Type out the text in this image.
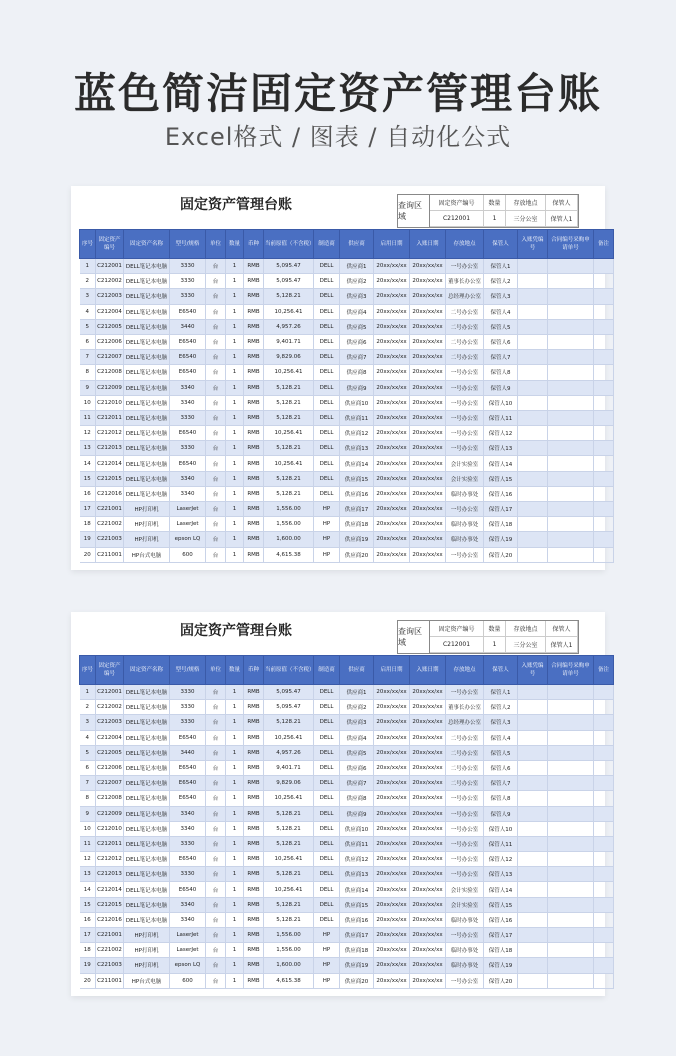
蓝色简洁固定资产管理台账
Excel格式 / 图表 / 自动化公式
固定资产管理台账	查询区域
固定资产编号	数量	存放地点	保管人
C212001	1	三分公室	保管人1
序号	固定资产编号	固定资产名称	型号/规格	单位	数量	币种	当前原值（不含税）	制造商	供应商	启用日期	入账日期	存放地点	保管人	入账凭编号	合同编号采购申请单号	备注
1	C212001	DELL笔记本电脑	3330	台	1	RMB	5,095.47	DELL	供应商1	20xx/xx/xx	20xx/xx/xx	一号办公室	保管人1			
2	C212002	DELL笔记本电脑	3330	台	1	RMB	5,095.47	DELL	供应商2	20xx/xx/xx	20xx/xx/xx	董事长办公室	保管人2			
3	C212003	DELL笔记本电脑	3330	台	1	RMB	5,128.21	DELL	供应商3	20xx/xx/xx	20xx/xx/xx	总经理办公室	保管人3			
4	C212004	DELL笔记本电脑	E6540	台	1	RMB	10,256.41	DELL	供应商4	20xx/xx/xx	20xx/xx/xx	二号办公室	保管人4			
5	C212005	DELL笔记本电脑	3440	台	1	RMB	4,957.26	DELL	供应商5	20xx/xx/xx	20xx/xx/xx	二号办公室	保管人5			
6	C212006	DELL笔记本电脑	E6540	台	1	RMB	9,401.71	DELL	供应商6	20xx/xx/xx	20xx/xx/xx	二号办公室	保管人6			
7	C212007	DELL笔记本电脑	E6540	台	1	RMB	9,829.06	DELL	供应商7	20xx/xx/xx	20xx/xx/xx	二号办公室	保管人7			
8	C212008	DELL笔记本电脑	E6540	台	1	RMB	10,256.41	DELL	供应商8	20xx/xx/xx	20xx/xx/xx	一号办公室	保管人8			
9	C212009	DELL笔记本电脑	3340	台	1	RMB	5,128.21	DELL	供应商9	20xx/xx/xx	20xx/xx/xx	一号办公室	保管人9			
10	C212010	DELL笔记本电脑	3340	台	1	RMB	5,128.21	DELL	供应商10	20xx/xx/xx	20xx/xx/xx	一号办公室	保管人10			
11	C212011	DELL笔记本电脑	3330	台	1	RMB	5,128.21	DELL	供应商11	20xx/xx/xx	20xx/xx/xx	一号办公室	保管人11			
12	C212012	DELL笔记本电脑	E6540	台	1	RMB	10,256.41	DELL	供应商12	20xx/xx/xx	20xx/xx/xx	一号办公室	保管人12			
13	C212013	DELL笔记本电脑	3330	台	1	RMB	5,128.21	DELL	供应商13	20xx/xx/xx	20xx/xx/xx	一号办公室	保管人13			
14	C212014	DELL笔记本电脑	E6540	台	1	RMB	10,256.41	DELL	供应商14	20xx/xx/xx	20xx/xx/xx	会计实验室	保管人14			
15	C212015	DELL笔记本电脑	3340	台	1	RMB	5,128.21	DELL	供应商15	20xx/xx/xx	20xx/xx/xx	会计实验室	保管人15			
16	C212016	DELL笔记本电脑	3340	台	1	RMB	5,128.21	DELL	供应商16	20xx/xx/xx	20xx/xx/xx	临时办事处	保管人16			
17	C221001	HP打印机	LaserJet	台	1	RMB	1,556.00	HP	供应商17	20xx/xx/xx	20xx/xx/xx	一号办公室	保管人17			
18	C221002	HP打印机	LaserJet	台	1	RMB	1,556.00	HP	供应商18	20xx/xx/xx	20xx/xx/xx	临时办事处	保管人18			
19	C221003	HP打印机	epson LQ	台	1	RMB	1,600.00	HP	供应商19	20xx/xx/xx	20xx/xx/xx	临时办事处	保管人19			
20	C211001	HP台式电脑	600	台	1	RMB	4,615.38	HP	供应商20	20xx/xx/xx	20xx/xx/xx	一号办公室	保管人20			
固定资产管理台账	查询区域
固定资产编号	数量	存放地点	保管人
C212001	1	三分公室	保管人1
序号	固定资产编号	固定资产名称	型号/规格	单位	数量	币种	当前原值（不含税）	制造商	供应商	启用日期	入账日期	存放地点	保管人	入账凭编号	合同编号采购申请单号	备注
1	C212001	DELL笔记本电脑	3330	台	1	RMB	5,095.47	DELL	供应商1	20xx/xx/xx	20xx/xx/xx	一号办公室	保管人1			
2	C212002	DELL笔记本电脑	3330	台	1	RMB	5,095.47	DELL	供应商2	20xx/xx/xx	20xx/xx/xx	董事长办公室	保管人2			
3	C212003	DELL笔记本电脑	3330	台	1	RMB	5,128.21	DELL	供应商3	20xx/xx/xx	20xx/xx/xx	总经理办公室	保管人3			
4	C212004	DELL笔记本电脑	E6540	台	1	RMB	10,256.41	DELL	供应商4	20xx/xx/xx	20xx/xx/xx	二号办公室	保管人4			
5	C212005	DELL笔记本电脑	3440	台	1	RMB	4,957.26	DELL	供应商5	20xx/xx/xx	20xx/xx/xx	二号办公室	保管人5			
6	C212006	DELL笔记本电脑	E6540	台	1	RMB	9,401.71	DELL	供应商6	20xx/xx/xx	20xx/xx/xx	二号办公室	保管人6			
7	C212007	DELL笔记本电脑	E6540	台	1	RMB	9,829.06	DELL	供应商7	20xx/xx/xx	20xx/xx/xx	二号办公室	保管人7			
8	C212008	DELL笔记本电脑	E6540	台	1	RMB	10,256.41	DELL	供应商8	20xx/xx/xx	20xx/xx/xx	一号办公室	保管人8			
9	C212009	DELL笔记本电脑	3340	台	1	RMB	5,128.21	DELL	供应商9	20xx/xx/xx	20xx/xx/xx	一号办公室	保管人9			
10	C212010	DELL笔记本电脑	3340	台	1	RMB	5,128.21	DELL	供应商10	20xx/xx/xx	20xx/xx/xx	一号办公室	保管人10			
11	C212011	DELL笔记本电脑	3330	台	1	RMB	5,128.21	DELL	供应商11	20xx/xx/xx	20xx/xx/xx	一号办公室	保管人11			
12	C212012	DELL笔记本电脑	E6540	台	1	RMB	10,256.41	DELL	供应商12	20xx/xx/xx	20xx/xx/xx	一号办公室	保管人12			
13	C212013	DELL笔记本电脑	3330	台	1	RMB	5,128.21	DELL	供应商13	20xx/xx/xx	20xx/xx/xx	一号办公室	保管人13			
14	C212014	DELL笔记本电脑	E6540	台	1	RMB	10,256.41	DELL	供应商14	20xx/xx/xx	20xx/xx/xx	会计实验室	保管人14			
15	C212015	DELL笔记本电脑	3340	台	1	RMB	5,128.21	DELL	供应商15	20xx/xx/xx	20xx/xx/xx	会计实验室	保管人15			
16	C212016	DELL笔记本电脑	3340	台	1	RMB	5,128.21	DELL	供应商16	20xx/xx/xx	20xx/xx/xx	临时办事处	保管人16			
17	C221001	HP打印机	LaserJet	台	1	RMB	1,556.00	HP	供应商17	20xx/xx/xx	20xx/xx/xx	一号办公室	保管人17			
18	C221002	HP打印机	LaserJet	台	1	RMB	1,556.00	HP	供应商18	20xx/xx/xx	20xx/xx/xx	临时办事处	保管人18			
19	C221003	HP打印机	epson LQ	台	1	RMB	1,600.00	HP	供应商19	20xx/xx/xx	20xx/xx/xx	临时办事处	保管人19			
20	C211001	HP台式电脑	600	台	1	RMB	4,615.38	HP	供应商20	20xx/xx/xx	20xx/xx/xx	一号办公室	保管人20			
